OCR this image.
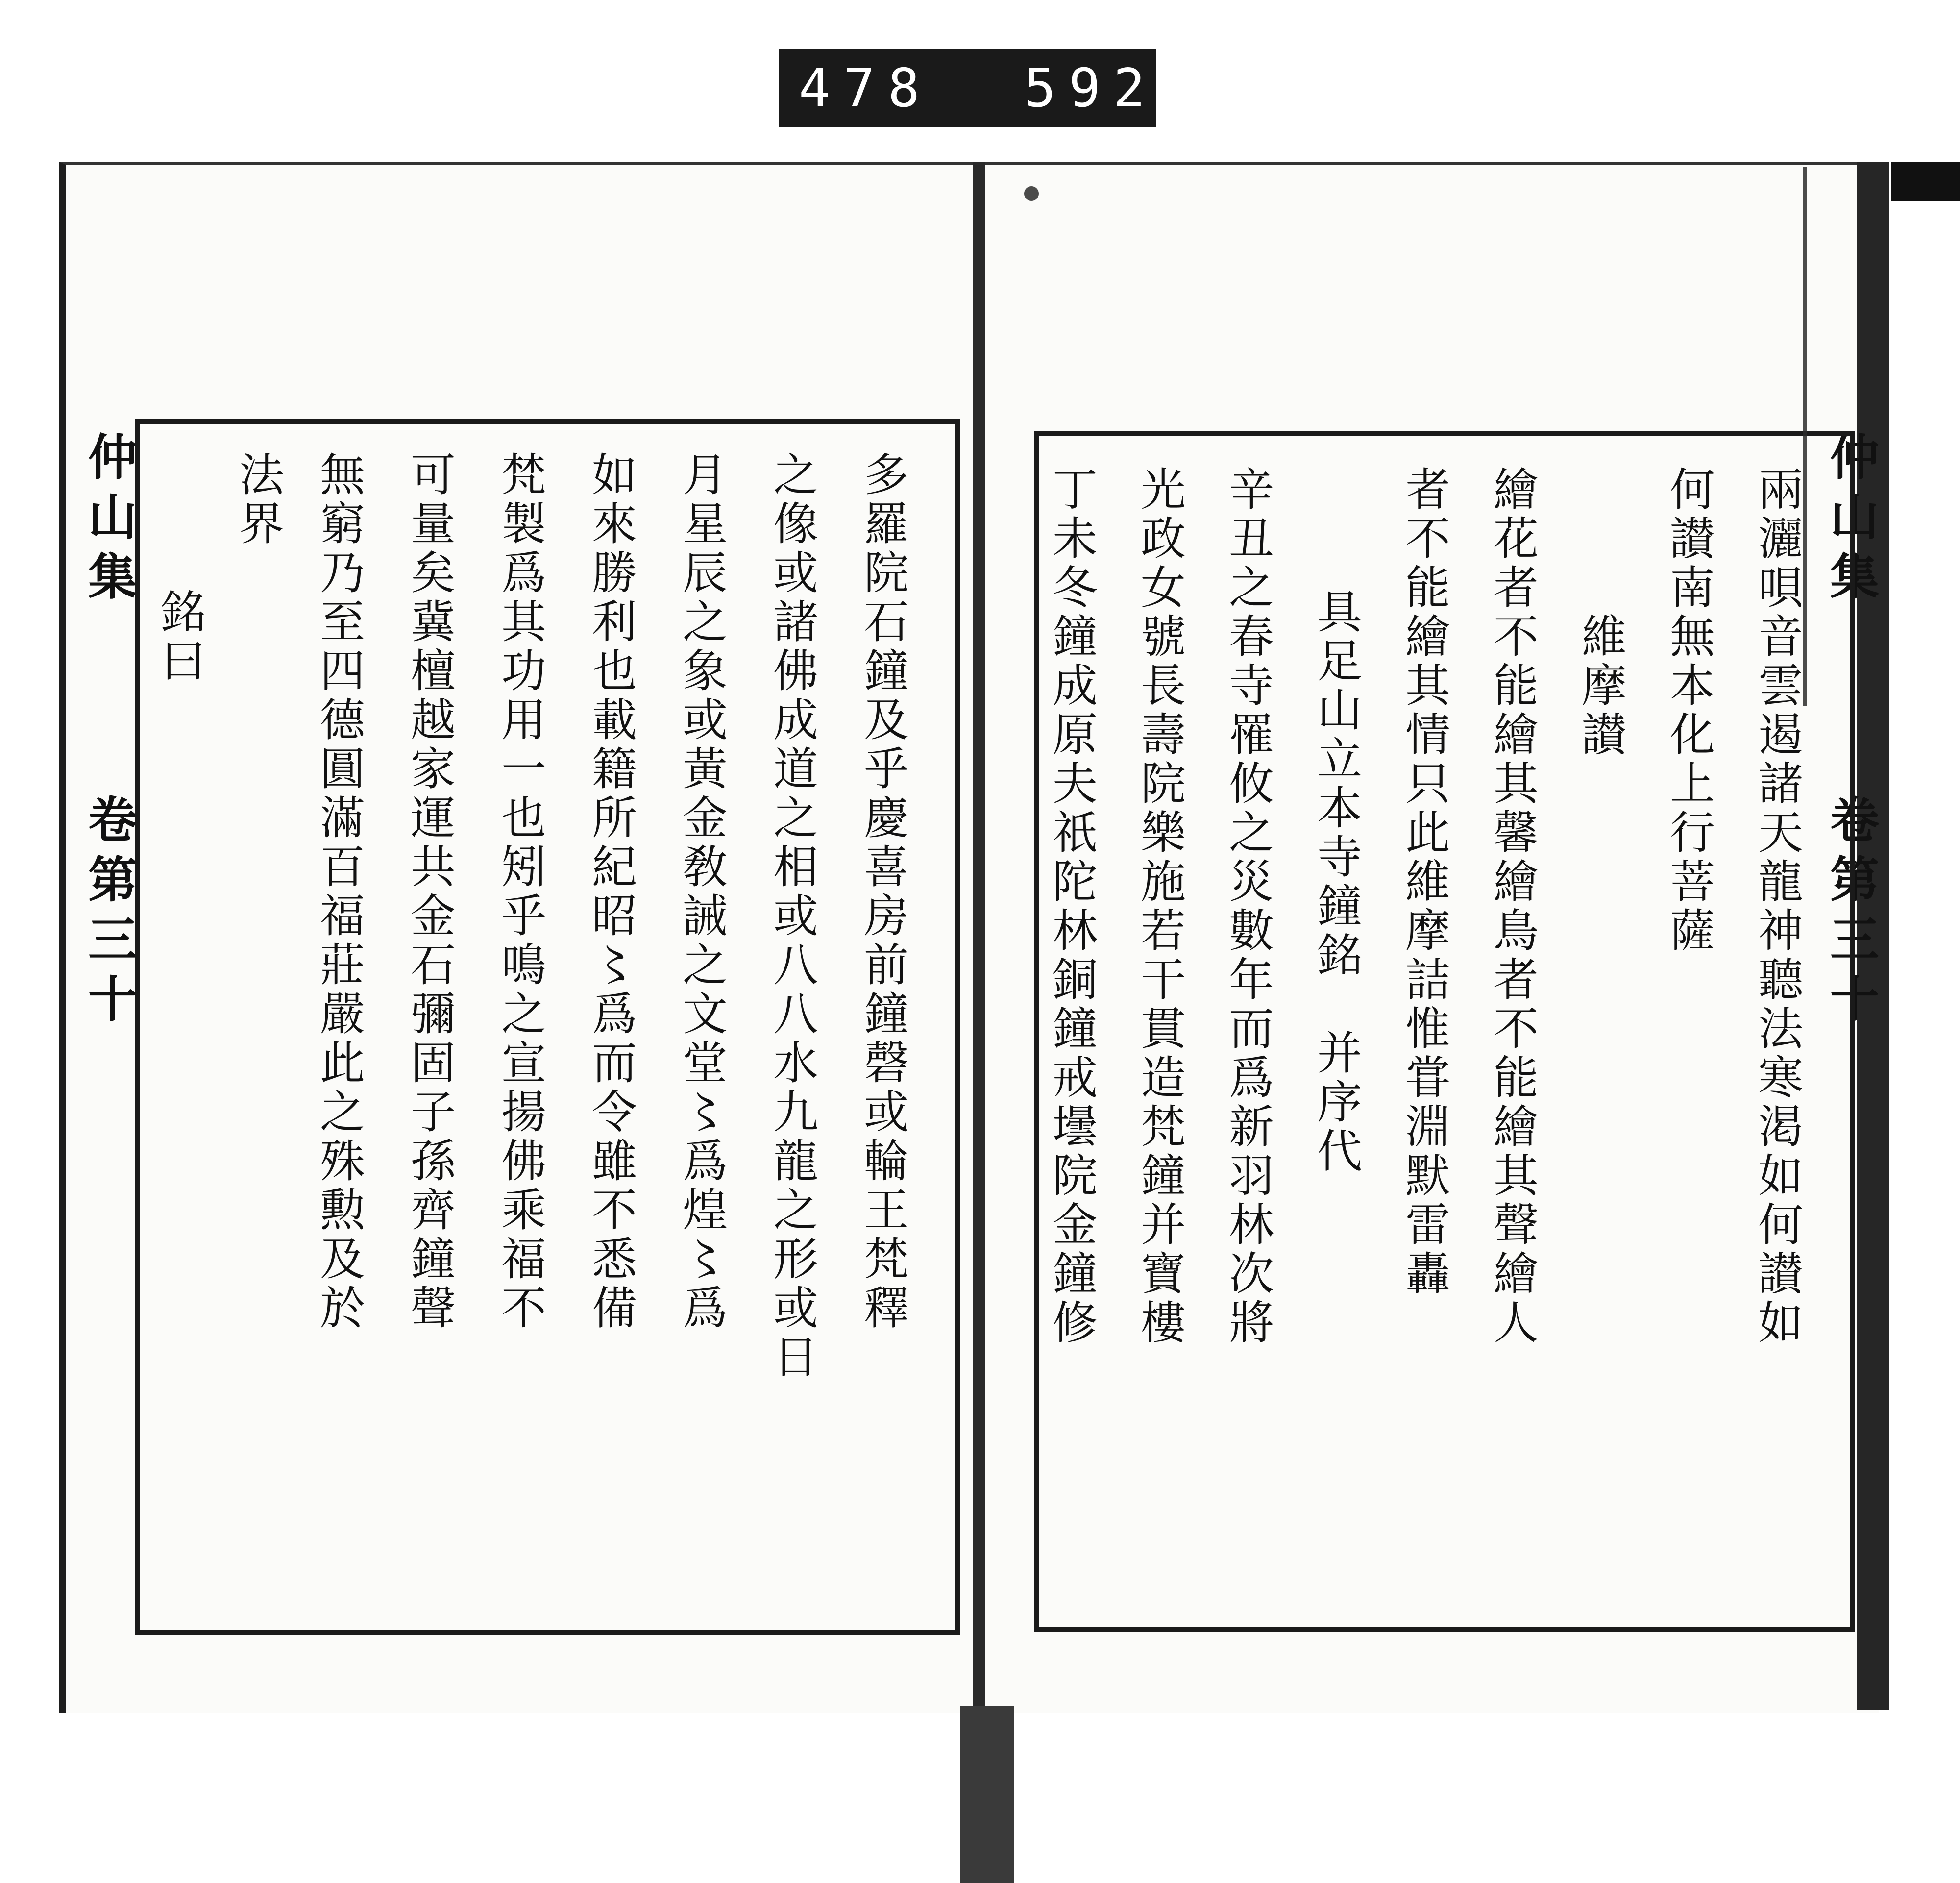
478 592
仲山集
卷第三十
仲山集
卷第三十
多羅院石鐘及乎慶喜房前鐘磬或輪王梵釋
之像或諸佛成道之相或八八水九龍之形或日
月星辰之象或黃金敎誡之文堂〻爲煌〻爲
如來勝利也載籍所紀昭〻爲而令雖不悉備
梵製爲其功用一也矧乎鳴之宣揚佛乘福不
可量矣冀檀越家運共金石彌固子孫齊鐘聲
無窮乃至四德圓滿百福莊嚴此之殊勲及於
法界
銘曰	兩灑唄音雲遏諸天龍神聽法寒渇如何讃如
何讃南無本化上行菩薩
維摩讃
繪花者不能繪其馨繪鳥者不能繪其聲繪人
者不能繪其情只此維摩詰惟甞淵默雷轟
具足山立本寺鐘銘　并序代
辛丑之春寺罹攸之災數年而爲新羽林次將
光政女號長壽院樂施若干貫造梵鐘并寶樓
丁未冬鐘成原夫祇陀林銅鐘戒壜院金鐘修
